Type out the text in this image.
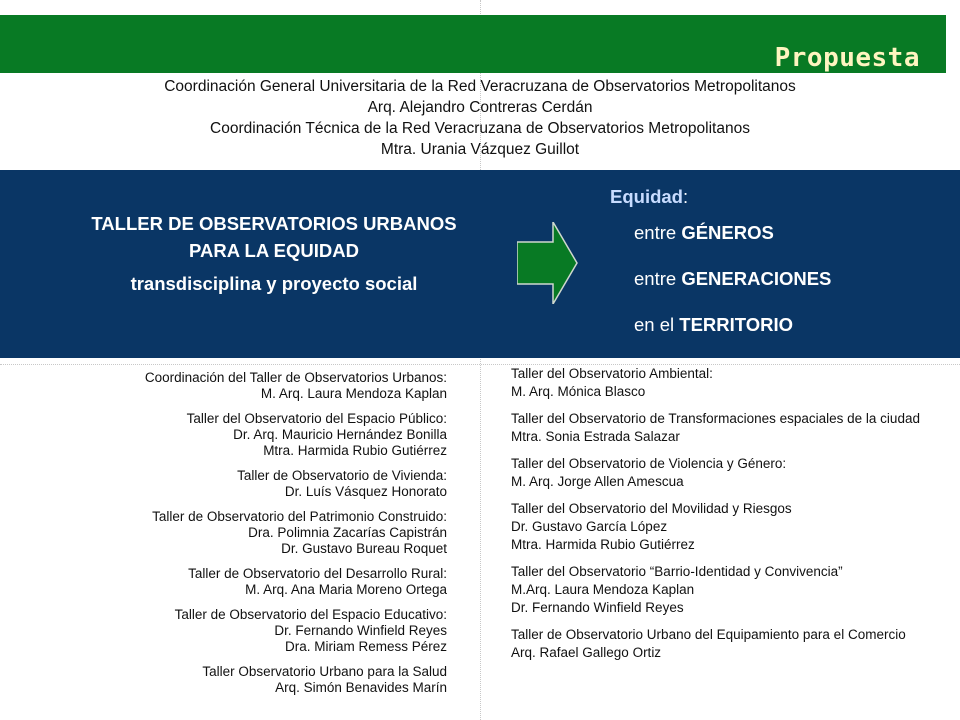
Propuesta
Coordinación General Universitaria de la Red Veracruzana de Observatorios Metropolitanos
Arq. Alejandro Contreras Cerdán
Coordinación Técnica de la Red Veracruzana de Observatorios Metropolitanos
Mtra. Urania Vázquez Guillot
TALLER DE OBSERVATORIOS URBANOS
PARA LA EQUIDAD
transdisciplina y proyecto social
Equidad:
entre GÉNEROS
entre GENERACIONES
en el TERRITORIO
Coordinación del Taller de Observatorios Urbanos:
M. Arq. Laura Mendoza Kaplan
Taller del Observatorio del Espacio Público:
Dr. Arq. Mauricio Hernández Bonilla
Mtra. Harmida Rubio Gutiérrez
Taller de Observatorio de Vivienda:
Dr. Luís Vásquez Honorato
Taller de Observatorio del Patrimonio Construido:
Dra. Polimnia Zacarías Capistrán
Dr. Gustavo Bureau Roquet
Taller de Observatorio del Desarrollo Rural:
M. Arq. Ana Maria Moreno Ortega
Taller de Observatorio del Espacio Educativo:
Dr. Fernando Winfield Reyes
Dra. Miriam Remess Pérez
Taller Observatorio Urbano para la Salud
Arq. Simón Benavides Marín
Taller del Observatorio Ambiental:
M. Arq. Mónica Blasco
Taller del Observatorio de Transformaciones espaciales de la ciudad
Mtra. Sonia Estrada Salazar
Taller del Observatorio de Violencia y Género:
M. Arq. Jorge Allen Amescua
Taller del Observatorio del Movilidad y Riesgos
Dr. Gustavo García López
Mtra. Harmida Rubio Gutiérrez
Taller del Observatorio “Barrio-Identidad y Convivencia”
M.Arq. Laura Mendoza Kaplan
Dr. Fernando Winfield Reyes
Taller de Observatorio Urbano del Equipamiento para el Comercio
Arq. Rafael Gallego Ortiz
